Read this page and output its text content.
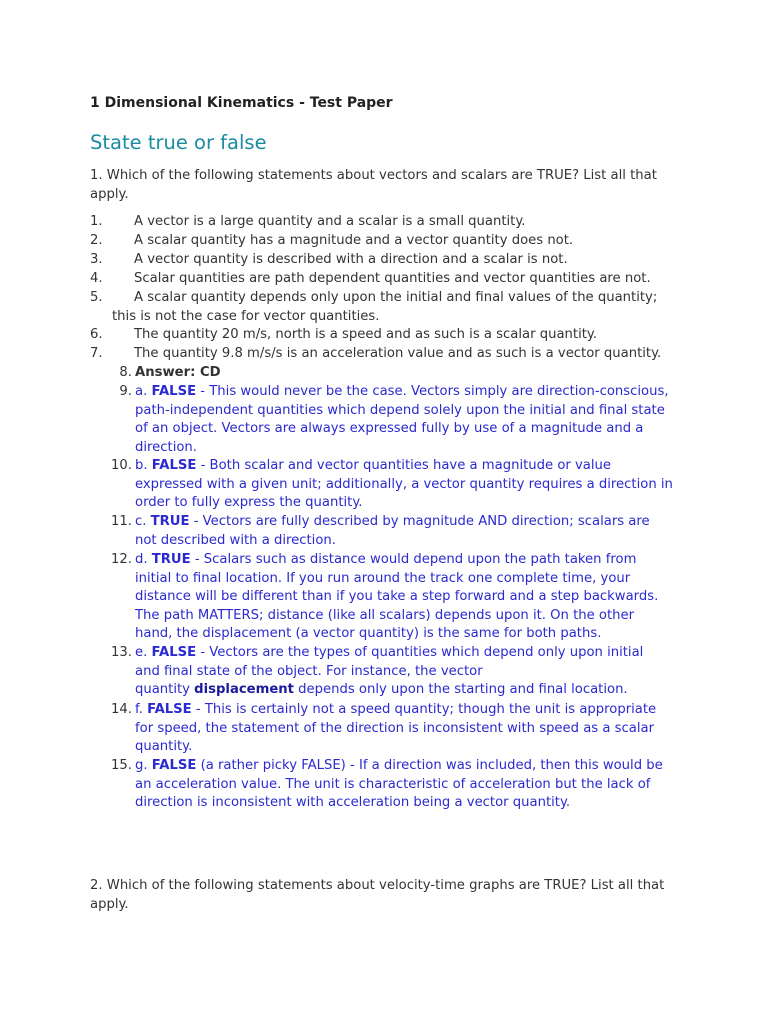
1 Dimensional Kinematics - Test Paper
State true or false
1. Which of the following statements about vectors and scalars are TRUE? List all that
apply.
1.	A vector is a large quantity and a scalar is a small quantity.
2.	A scalar quantity has a magnitude and a vector quantity does not.
3.	A vector quantity is described with a direction and a scalar is not.
4.	Scalar quantities are path dependent quantities and vector quantities are not.
5. A scalar quantity depends only upon the initial and final values of the quantity;
this is not the case for vector quantities.
6.	The quantity 20 m/s, north is a speed and as such is a scalar quantity.
7.	The quantity 9.8 m/s/s is an acceleration value and as such is a vector quantity.
8. Answer: CD
9. a. FALSE - This would never be the case. Vectors simply are direction-conscious,
path-independent quantities which depend solely upon the initial and final state
of an object. Vectors are always expressed fully by use of a magnitude and a
direction.
10. b. FALSE - Both scalar and vector quantities have a magnitude or value
expressed with a given unit; additionally, a vector quantity requires a direction in
order to fully express the quantity.
11. c. TRUE - Vectors are fully described by magnitude AND direction; scalars are
not described with a direction.
12. d. TRUE - Scalars such as distance would depend upon the path taken from
initial to final location. If you run around the track one complete time, your
distance will be different than if you take a step forward and a step backwards.
The path MATTERS; distance (like all scalars) depends upon it. On the other
hand, the displacement (a vector quantity) is the same for both paths.
13. e. FALSE - Vectors are the types of quantities which depend only upon initial
and final state of the object. For instance, the vector
quantity displacement depends only upon the starting and final location.
14. f. FALSE - This is certainly not a speed quantity; though the unit is appropriate
for speed, the statement of the direction is inconsistent with speed as a scalar
quantity.
15. g. FALSE (a rather picky FALSE) - If a direction was included, then this would be
an acceleration value. The unit is characteristic of acceleration but the lack of
direction is inconsistent with acceleration being a vector quantity.
2. Which of the following statements about velocity-time graphs are TRUE? List all that
apply.
